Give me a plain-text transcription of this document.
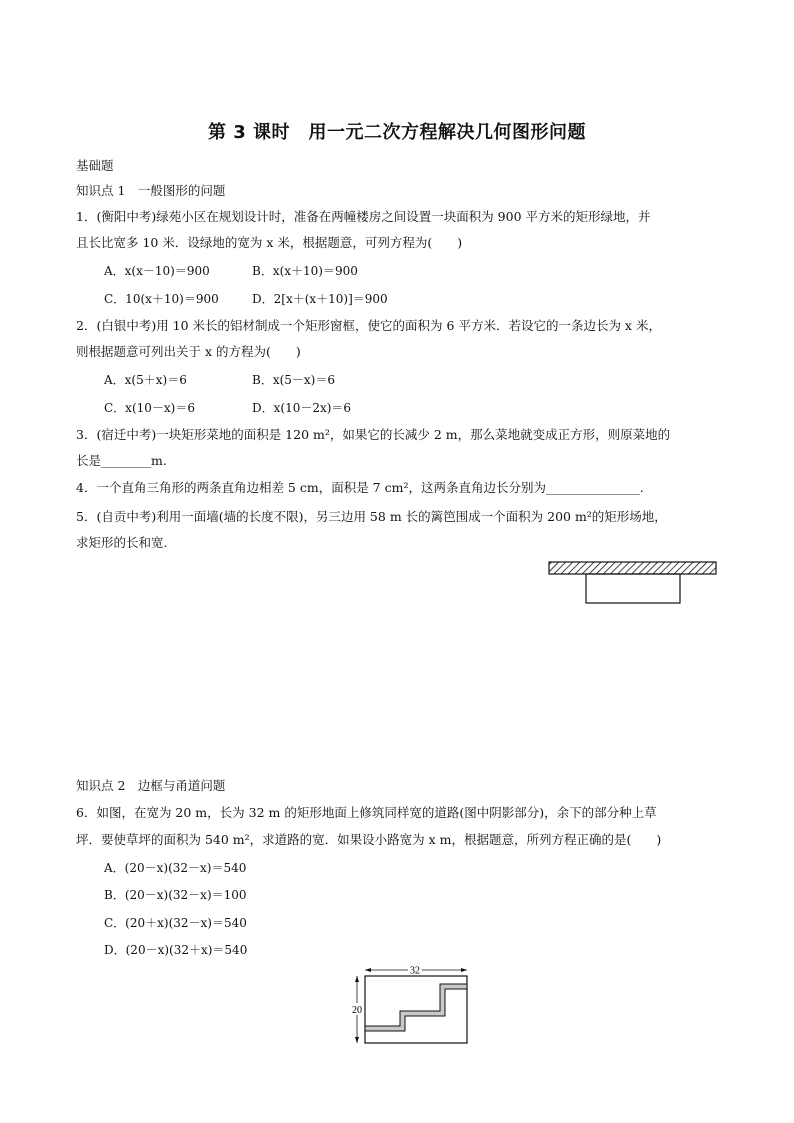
第 3 课时　用一元二次方程解决几何图形问题
基础题
知识点 1　一般图形的问题
1．(衡阳中考)绿苑小区在规划设计时，准备在两幢楼房之间设置一块面积为 900 平方米的矩形绿地，并
且长比宽多 10 米．设绿地的宽为 x 米，根据题意，可列方程为(　　)
A．x(x－10)＝900	B．x(x＋10)＝900
C．10(x＋10)＝900	D．2[x＋(x＋10)]＝900
2．(白银中考)用 10 米长的铝材制成一个矩形窗框，使它的面积为 6 平方米．若设它的一条边长为 x 米，
则根据题意可列出关于 x 的方程为(　　)
A．x(5＋x)＝6	B．x(5－x)＝6
C．x(10－x)＝6	D．x(10－2x)＝6
3．(宿迁中考)一块矩形菜地的面积是 120 m²，如果它的长减少 2 m，那么菜地就变成正方形，则原菜地的
长是________m.
4．一个直角三角形的两条直角边相差 5 cm，面积是 7 cm²，这两条直角边长分别为_______________.
5．(自贡中考)利用一面墙(墙的长度不限)，另三边用 58 m 长的篱笆围成一个面积为 200 m²的矩形场地，
求矩形的长和宽.
知识点 2　边框与甬道问题
6．如图，在宽为 20 m，长为 32 m 的矩形地面上修筑同样宽的道路(图中阴影部分)，余下的部分种上草
坪．要使草坪的面积为 540 m²，求道路的宽．如果设小路宽为 x m，根据题意，所列方程正确的是(　　)
A．(20－x)(32－x)＝540
B．(20－x)(32－x)＝100
C．(20＋x)(32－x)＝540
D．(20－x)(32＋x)＝540
32
20
